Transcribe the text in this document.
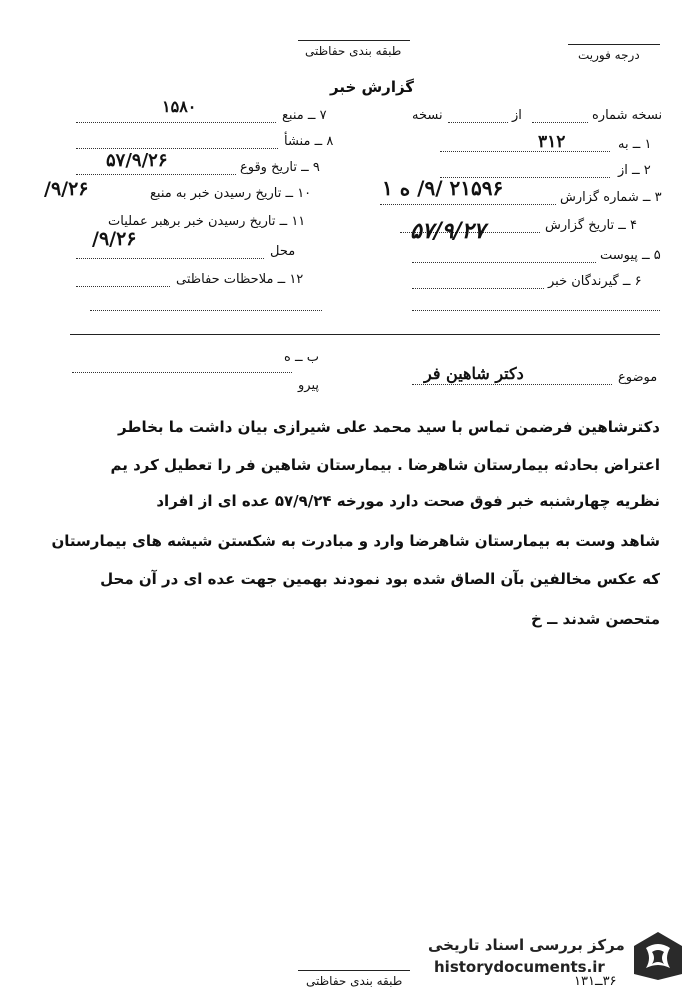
طبقه بندی حفاظتی	درجه فوریت
گزارش خبر
نسخه شماره
از
نسخه
۱ ــ به
۳۱۲
۲ ــ از
۳ ــ شماره گزارش
۲۱۵۹۶ /۹/ ه ۱
۴ ــ تاریخ گزارش
۵۷/۹/۲۷
۵ ــ پیوست
۶ ــ گیرندگان خبر
۷ ــ منبع
۱۵۸۰
۸ ــ منشأ
۹ ــ تاریخ وقوع
۵۷/۹/۲۶
۱۰ ــ تاریخ رسیدن خبر به منبع
۹/۲۶/
۱۱ ــ تاریخ رسیدن خبر برهبر عملیات
۹/۲۶/
محل
۱۲ ــ ملاحظات حفاظتی
موضوع
دکتر شاهین فر
پیرو
ب ــ ه
دکترشاهین فرضمن تماس با سید محمد علی شیرازی بیان داشت ما بخاطر
اعتراض بحادثه بیمارستان شاهرضا . بیمارستان شاهین فر را تعطیل کرد یم
نظریه چهارشنبه خبر فوق صحت دارد مورخه ۵۷/۹/۲۴ عده ای از افراد
شاهد وست به بیمارستان شاهرضا وارد و مبادرت به شکستن شیشه های بیمارستان
که عکس مخالفین بآن الصاق شده بود نمودند بهمین جهت عده ای در آن محل
متحصن شدند ــ خ
مرکز بررسی اسناد تاریخی
historydocuments.ir
طبقه بندی حفاظتی	۳۶ــ۱۳۱
